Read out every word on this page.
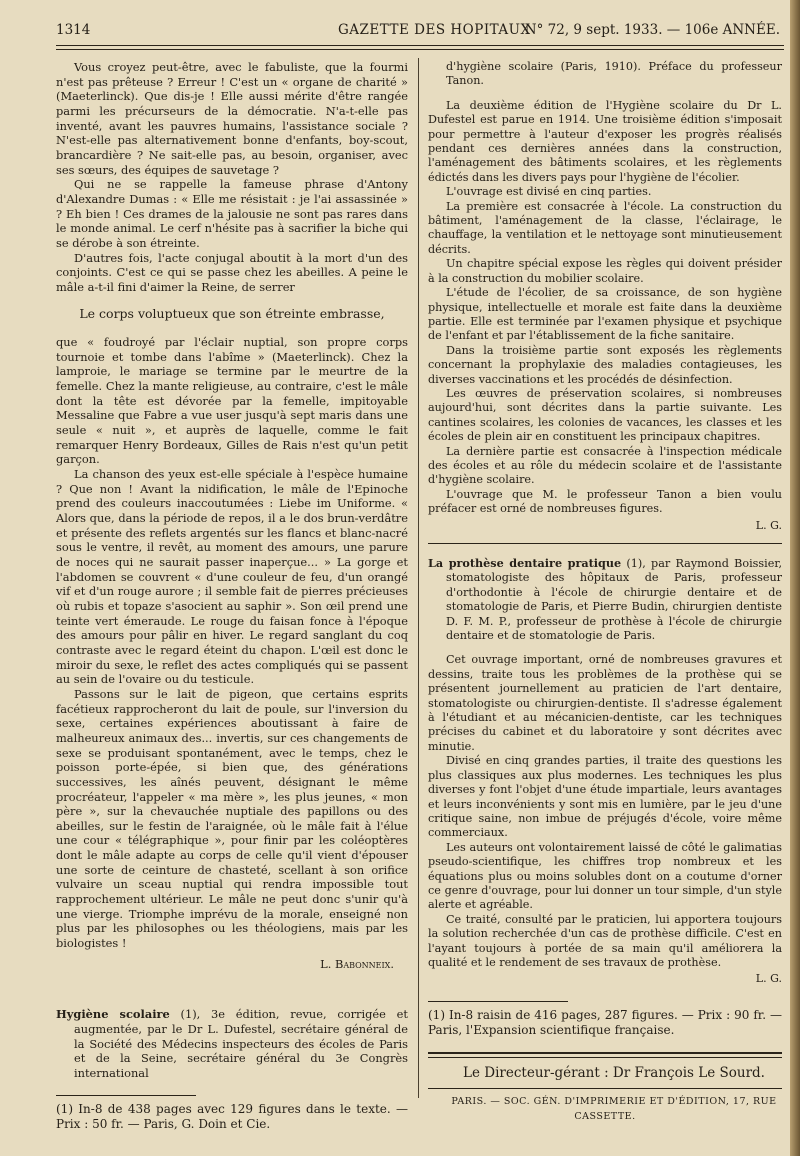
1314	GAZETTE DES HOPITAUX
N° 72, 9 sept. 1933. — 106e ANNÉE.

Vous croyez peut-être, avec le fabuliste, que la fourmi n'est pas prêteuse ? Erreur ! C'est un « organe de charité » (Maeterlinck). Que dis-je ! Elle aussi mérite d'être rangée parmi les précurseurs de la démocratie. N'a-t-elle pas inventé, avant les pauvres humains, l'assistance sociale ? N'est-elle pas alternativement bonne d'enfants, boy-scout, brancardière ? Ne sait-elle pas, au besoin, organiser, avec ses sœurs, des équipes de sauvetage ?

Qui ne se rappelle la fameuse phrase d'Antony d'Alexandre Dumas : « Elle me résistait : je l'ai assassinée » ? Eh bien ! Ces drames de la jalousie ne sont pas rares dans le monde animal. Le cerf n'hésite pas à sacrifier la biche qui se dérobe à son étreinte.

D'autres fois, l'acte conjugal aboutit à la mort d'un des conjoints. C'est ce qui se passe chez les abeilles. A peine le mâle a-t-il fini d'aimer la Reine, de serrer

Le corps voluptueux que son étreinte embrasse,

que « foudroyé par l'éclair nuptial, son propre corps tournoie et tombe dans l'abîme » (Maeterlinck). Chez la lamproie, le mariage se termine par le meurtre de la femelle. Chez la mante religieuse, au contraire, c'est le mâle dont la tête est dévorée par la femelle, impitoyable Messaline que Fabre a vue user jusqu'à sept maris dans une seule « nuit », et auprès de laquelle, comme le fait remarquer Henry Bordeaux, Gilles de Rais n'est qu'un petit garçon.

La chanson des yeux est-elle spéciale à l'espèce humaine ? Que non ! Avant la nidification, le mâle de l'Epinoche prend des couleurs inaccoutumées : Liebe im Uniforme. « Alors que, dans la période de repos, il a le dos brun-verdâtre et présente des reflets argentés sur les flancs et blanc-nacré sous le ventre, il revêt, au moment des amours, une parure de noces qui ne saurait passer inaperçue... » La gorge et l'abdomen se couvrent « d'une couleur de feu, d'un orangé vif et d'un rouge aurore ; il semble fait de pierres précieuses où rubis et topaze s'asocient au saphir ». Son œil prend une teinte vert émeraude. Le rouge du faisan fonce à l'époque des amours pour pâlir en hiver. Le regard sanglant du coq contraste avec le regard éteint du chapon. L'œil est donc le miroir du sexe, le reflet des actes compliqués qui se passent au sein de l'ovaire ou du testicule.

Passons sur le lait de pigeon, que certains esprits facétieux rapprocheront du lait de poule, sur l'inversion du sexe, certaines expériences aboutissant à faire de malheureux animaux des... invertis, sur ces changements de sexe se produisant spontanément, avec le temps, chez le poisson porte-épée, si bien que, des générations successives, les aînés peuvent, désignant le même procréateur, l'appeler « ma mère », les plus jeunes, « mon père », sur la chevauchée nuptiale des papillons ou des abeilles, sur le festin de l'araignée, où le mâle fait à l'élue une cour « télégraphique », pour finir par les coléoptères dont le mâle adapte au corps de celle qu'il vient d'épouser une sorte de ceinture de chasteté, scellant à son orifice vulvaire un sceau nuptial qui rendra impossible tout rapprochement ultérieur. Le mâle ne peut donc s'unir qu'à une vierge. Triomphe imprévu de la morale, enseigné non plus par les philosophes ou les théologiens, mais par les biologistes !

L. Babonneix.

Hygiène scolaire (1), 3e édition, revue, corrigée et augmentée, par le Dr L. Dufestel, secrétaire général de la Société des Médecins inspecteurs des écoles de Paris et de la Seine, secrétaire général du 3e Congrès international

(1) In-8 de 438 pages avec 129 figures dans le texte. — Prix : 50 fr. — Paris, G. Doin et Cie.

d'hygiène scolaire (Paris, 1910). Préface du professeur Tanon.

La deuxième édition de l'Hygiène scolaire du Dr L. Dufestel est parue en 1914. Une troisième édition s'imposait pour permettre à l'auteur d'exposer les progrès réalisés pendant ces dernières années dans la construction, l'aménagement des bâtiments scolaires, et les règlements édictés dans les divers pays pour l'hygiène de l'écolier.

L'ouvrage est divisé en cinq parties.

La première est consacrée à l'école. La construction du bâtiment, l'aménagement de la classe, l'éclairage, le chauffage, la ventilation et le nettoyage sont minutieusement décrits.

Un chapitre spécial expose les règles qui doivent présider à la construction du mobilier scolaire.

L'étude de l'écolier, de sa croissance, de son hygiène physique, intellectuelle et morale est faite dans la deuxième partie. Elle est terminée par l'examen physique et psychique de l'enfant et par l'établissement de la fiche sanitaire.

Dans la troisième partie sont exposés les règlements concernant la prophylaxie des maladies contagieuses, les diverses vaccinations et les procédés de désinfection.

Les œuvres de préservation scolaires, si nombreuses aujourd'hui, sont décrites dans la partie suivante. Les cantines scolaires, les colonies de vacances, les classes et les écoles de plein air en constituent les principaux chapitres.

La dernière partie est consacrée à l'inspection médicale des écoles et au rôle du médecin scolaire et de l'assistante d'hygiène scolaire.

L'ouvrage que M. le professeur Tanon a bien voulu préfacer est orné de nombreuses figures.

L. G.

La prothèse dentaire pratique (1), par Raymond Boissier, stomatologiste des hôpitaux de Paris, professeur d'orthodontie à l'école de chirurgie dentaire et de stomatologie de Paris, et Pierre Budin, chirurgien dentiste D. F. M. P., professeur de prothèse à l'école de chirurgie dentaire et de stomatologie de Paris.

Cet ouvrage important, orné de nombreuses gravures et dessins, traite tous les problèmes de la prothèse qui se présentent journellement au praticien de l'art dentaire, stomatologiste ou chirurgien-dentiste. Il s'adresse également à l'étudiant et au mécanicien-dentiste, car les techniques précises du cabinet et du laboratoire y sont décrites avec minutie.

Divisé en cinq grandes parties, il traite des questions les plus classiques aux plus modernes. Les techniques les plus diverses y font l'objet d'une étude impartiale, leurs avantages et leurs inconvénients y sont mis en lumière, par le jeu d'une critique saine, non imbue de préjugés d'école, voire même commerciaux.

Les auteurs ont volontairement laissé de côté le galimatias pseudo-scientifique, les chiffres trop nombreux et les équations plus ou moins solubles dont on a coutume d'orner ce genre d'ouvrage, pour lui donner un tour simple, d'un style alerte et agréable.

Ce traité, consulté par le praticien, lui apportera toujours la solution recherchée d'un cas de prothèse difficile. C'est en l'ayant toujours à portée de sa main qu'il améliorera la qualité et le rendement de ses travaux de prothèse.

L. G.

(1) In-8 raisin de 416 pages, 287 figures. — Prix : 90 fr. — Paris, l'Expansion scientifique française.

Le Directeur-gérant : Dr François Le Sourd.

PARIS. — SOC. GÉN. D'IMPRIMERIE ET D'ÉDITION, 17, RUE CASSETTE.
